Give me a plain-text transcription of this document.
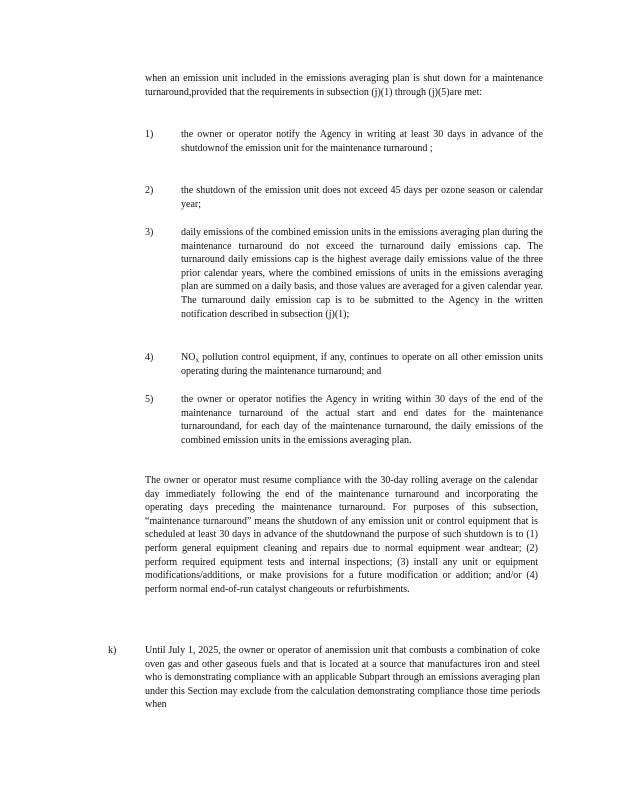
when an emission unit included in the emissions averaging plan is shut down for a maintenance turnaround,provided that the requirements in subsection (j)(1) through (j)(5)are met:
1)	the owner or operator notify the Agency in writing at least 30 days in advance of the shutdownof the emission unit for the maintenance turnaround ;
2)	the shutdown of the emission unit does not exceed 45 days per ozone season or calendar year;
3)	daily emissions of the combined emission units in the emissions averaging plan during the maintenance turnaround do not exceed the turnaround daily emissions cap. The turnaround daily emissions cap is the highest average daily emissions value of the three prior calendar years, where the combined emissions of units in the emissions averaging plan are summed on a daily basis, and those values are averaged for a given calendar year. The turnaround daily emission cap is to be submitted to the Agency in the written notification described in subsection (j)(1);
4)	$NO_x$ pollution control equipment, if any, continues to operate on all other emission units operating during the maintenance turnaround; and
5)	the owner or operator notifies the Agency in writing within 30 days of the end of the maintenance turnaround of the actual start and end dates for the maintenance turnaroundand, for each day of the maintenance turnaround, the daily emissions of the combined emission units in the emissions averaging plan.
The owner or operator must resume compliance with the 30-day rolling average on the calendar day immediately following the end of the maintenance turnaround and incorporating the operating days preceding the maintenance turnaround. For purposes of this subsection, “maintenance turnaround” means the shutdown of any emission unit or control equipment that is scheduled at least 30 days in advance of the shutdownand the purpose of such shutdown is to (1) perform general equipment cleaning and repairs due to normal equipment wear andtear; (2) perform required equipment tests and internal inspections; (3) install any unit or equipment modifications/additions, or make provisions for a future modification or addition; and/or (4) perform normal end-of-run catalyst changeouts or refurbishments.
k)	Until July 1, 2025, the owner or operator of anemission unit that combusts a combination of coke oven gas and other gaseous fuels and that is located at a source that manufactures iron and steel who is demonstrating compliance with an applicable Subpart through an emissions averaging plan under this Section may exclude from the calculation demonstrating compliance those time periods when
